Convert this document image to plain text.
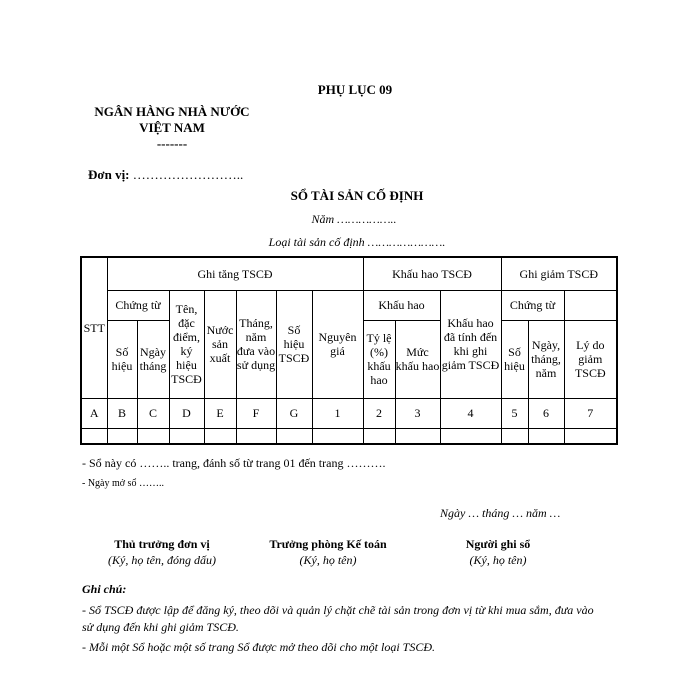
PHỤ LỤC 09
NGÂN HÀNG NHÀ NƯỚC
VIỆT NAM
-------
Đơn vị: ……………………..
SỔ TÀI SẢN CỐ ĐỊNH
Năm ……………..
Loại tài sản cố định ………………….
STT	Ghi tăng TSCĐ							Khấu hao TSCĐ			Ghi giảm TSCĐ		
	Chứng từ		Tên, đặc điểm, ký hiệu TSCĐ	Nước sản xuất	Tháng, năm đưa vào sử dụng	Số hiệu TSCĐ	Nguyên giá	Khấu hao		Khấu hao đã tính đến khi ghi giảm TSCĐ	Chứng từ		
	Số hiệu	Ngày tháng						Tỷ lệ (%) khấu hao	Mức khấu hao		Số hiệu	Ngày, tháng, năm	Lý do giảm TSCĐ
A	B	C	D	E	F	G	1	2	3	4	5	6	7

- Sổ này có …….. trang, đánh số từ trang 01 đến trang ……….
- Ngày mở sổ ……..
Ngày … tháng … năm …
Thủ trưởng đơn vị
(Ký, họ tên, đóng dấu)
Trưởng phòng Kế toán
(Ký, họ tên)
Người ghi sổ
(Ký, họ tên)
Ghi chú:
- Sổ TSCĐ được lập để đăng ký, theo dõi và quản lý chặt chẽ tài sản trong đơn vị từ khi mua sắm, đưa vào sử dụng đến khi ghi giảm TSCĐ.
- Mỗi một Sổ hoặc một số trang Sổ được mở theo dõi cho một loại TSCĐ.
